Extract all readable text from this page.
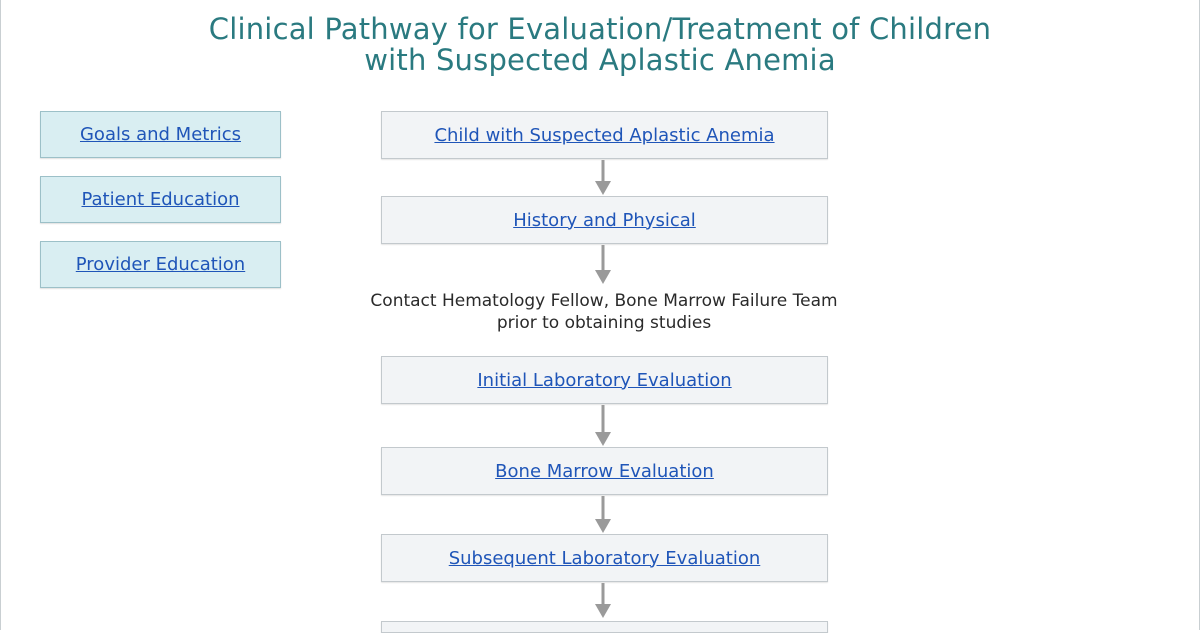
Clinical Pathway for Evaluation/Treatment of Children
with Suspected Aplastic Anemia
Goals and Metrics
Patient Education
Provider Education
Child with Suspected Aplastic Anemia
History and Physical
Contact Hematology Fellow, Bone Marrow Failure Team
prior to obtaining studies
Initial Laboratory Evaluation
Bone Marrow Evaluation
Subsequent Laboratory Evaluation
